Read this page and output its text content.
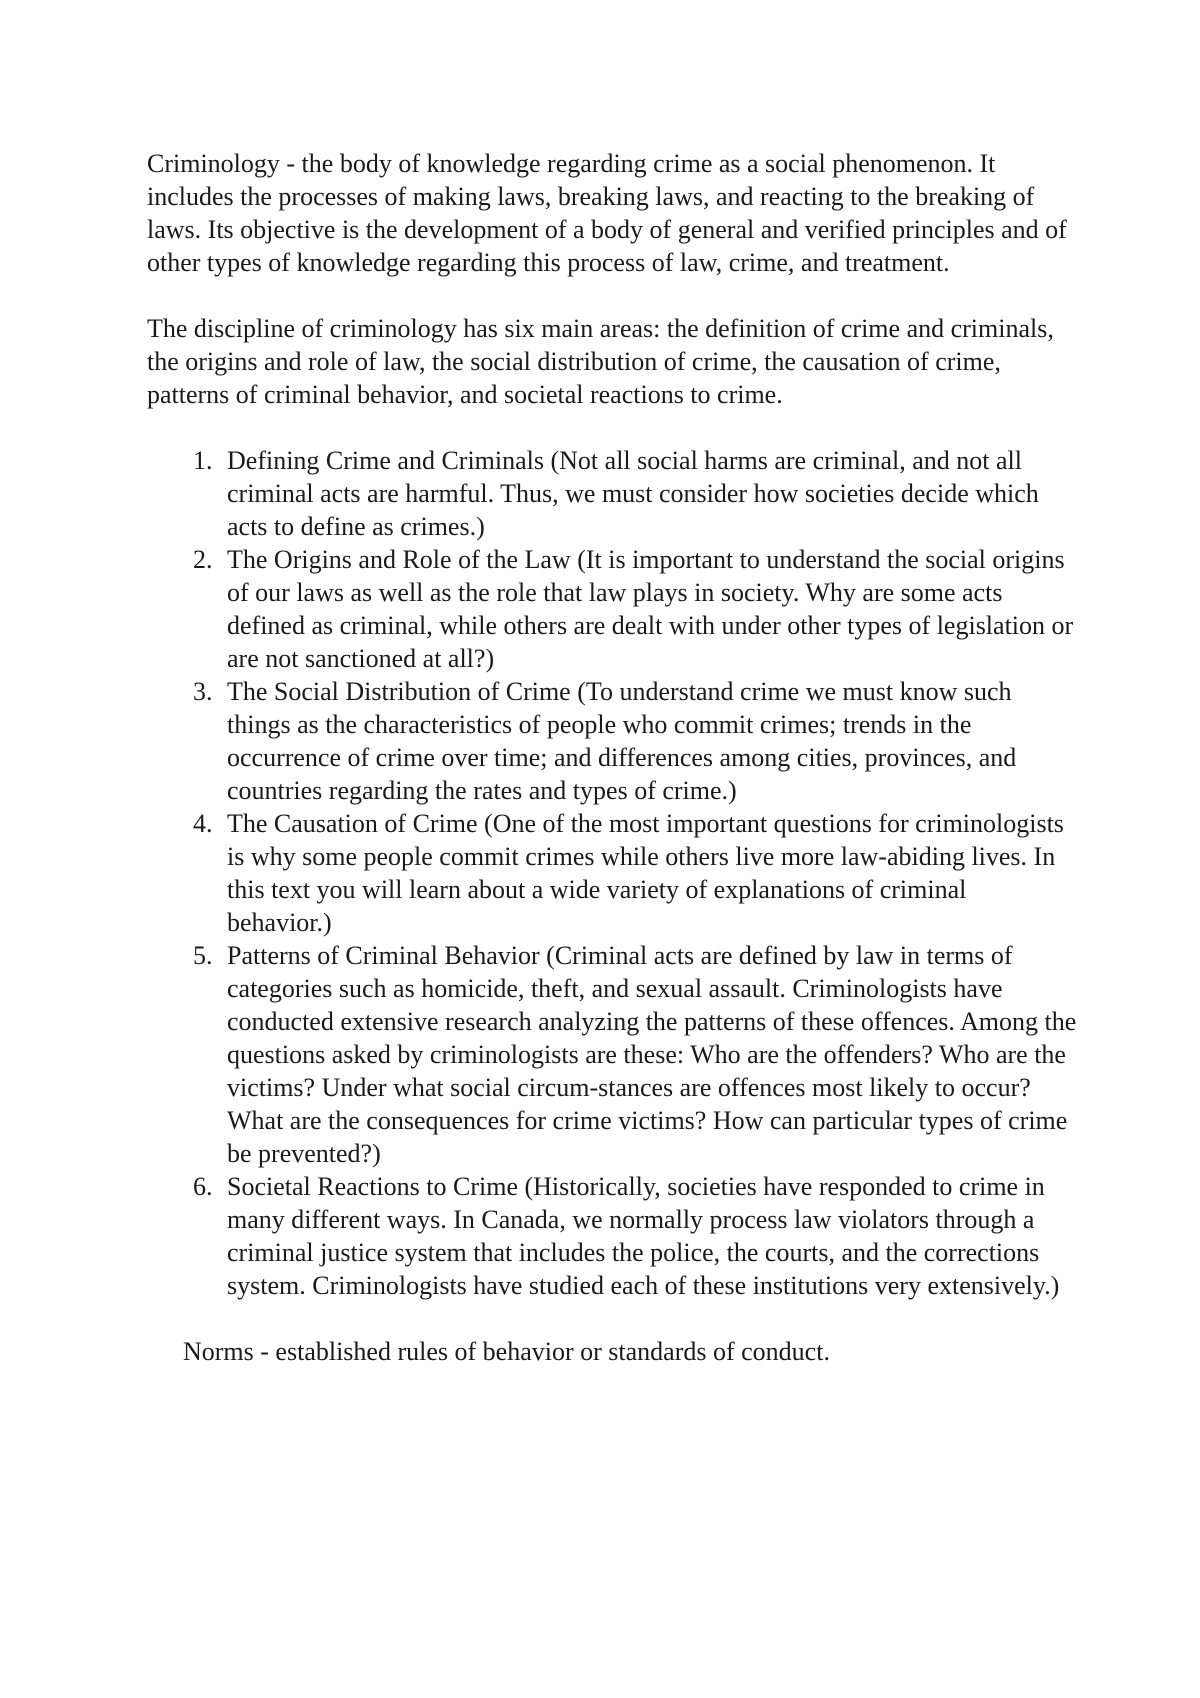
Criminology - the body of knowledge regarding crime as a social phenomenon. It includes the processes of making laws, breaking laws, and reacting to the breaking of laws. Its objective is the development of a body of general and verified principles and of other types of knowledge regarding this process of law, crime, and treatment.

The discipline of criminology has six main areas: the definition of crime and criminals, the origins and role of law, the social distribution of crime, the causation of crime, patterns of criminal behavior, and societal reactions to crime.

1. Defining Crime and Criminals (Not all social harms are criminal, and not all criminal acts are harmful. Thus, we must consider how societies decide which acts to define as crimes.)
2. The Origins and Role of the Law (It is important to understand the social origins of our laws as well as the role that law plays in society. Why are some acts defined as criminal, while others are dealt with under other types of legislation or are not sanctioned at all?)
3. The Social Distribution of Crime (To understand crime we must know such things as the characteristics of people who commit crimes; trends in the occurrence of crime over time; and differences among cities, provinces, and countries regarding the rates and types of crime.)
4. The Causation of Crime (One of the most important questions for criminologists is why some people commit crimes while others live more law-abiding lives. In this text you will learn about a wide variety of explanations of criminal behavior.)
5. Patterns of Criminal Behavior (Criminal acts are defined by law in terms of categories such as homicide, theft, and sexual assault. Criminologists have conducted extensive research analyzing the patterns of these offences. Among the questions asked by criminologists are these: Who are the offenders? Who are the victims? Under what social circum-stances are offences most likely to occur? What are the consequences for crime victims? How can particular types of crime be prevented?)
6. Societal Reactions to Crime (Historically, societies have responded to crime in many different ways. In Canada, we normally process law violators through a criminal justice system that includes the police, the courts, and the corrections system. Criminologists have studied each of these institutions very extensively.)

Norms - established rules of behavior or standards of conduct.
